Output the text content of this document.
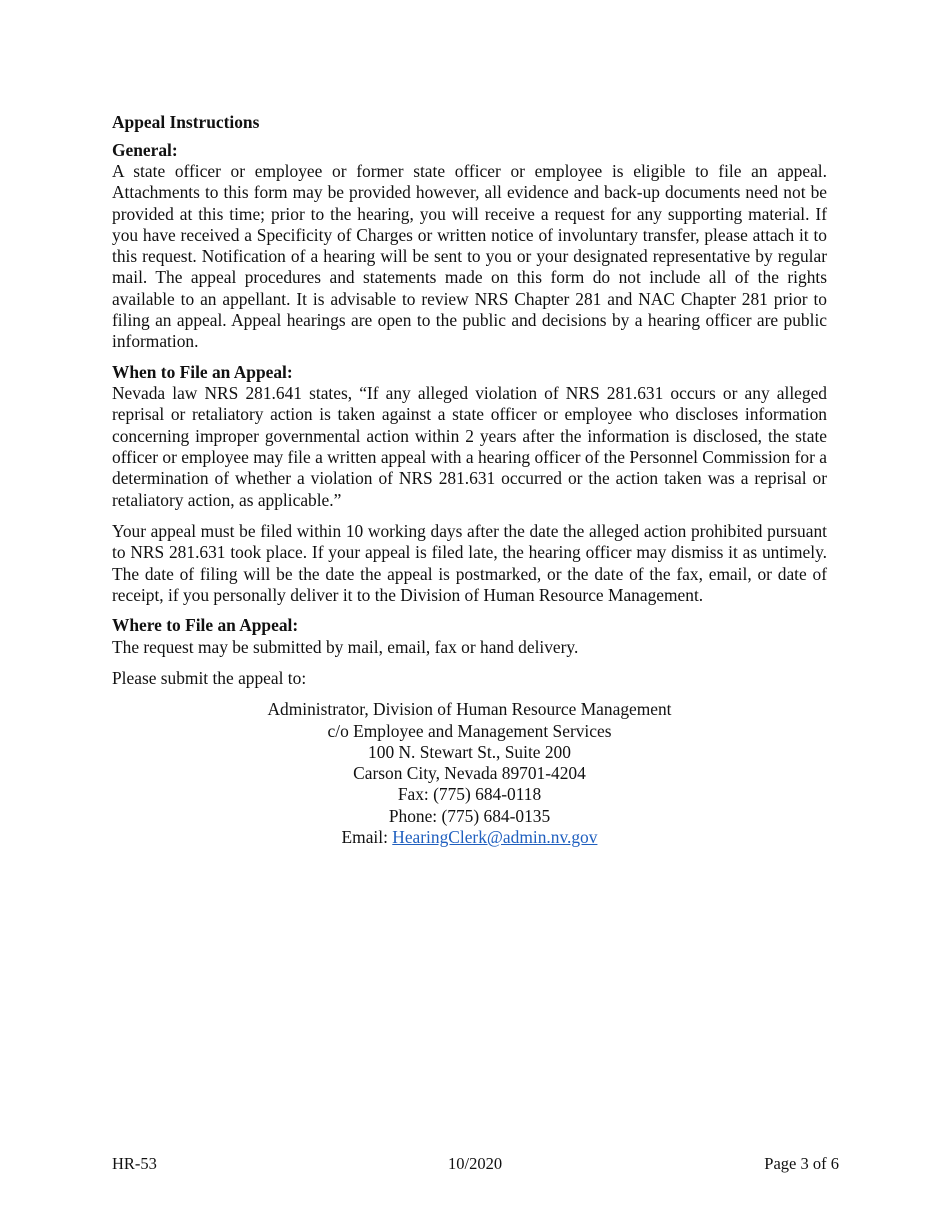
Appeal Instructions
General:

A state officer or employee or former state officer or employee is eligible to file an appeal. Attachments to this form may be provided however, all evidence and back-up documents need not be provided at this time; prior to the hearing, you will receive a request for any supporting material. If you have received a Specificity of Charges or written notice of involuntary transfer, please attach it to this request. Notification of a hearing will be sent to you or your designated representative by regular mail. The appeal procedures and statements made on this form do not include all of the rights available to an appellant. It is advisable to review NRS Chapter 281 and NAC Chapter 281 prior to filing an appeal. Appeal hearings are open to the public and decisions by a hearing officer are public information.

When to File an Appeal:

Nevada law NRS 281.641 states, “If any alleged violation of NRS 281.631 occurs or any alleged reprisal or retaliatory action is taken against a state officer or employee who discloses information concerning improper governmental action within 2 years after the information is disclosed, the state officer or employee may file a written appeal with a hearing officer of the Personnel Commission for a determination of whether a violation of NRS 281.631 occurred or the action taken was a reprisal or retaliatory action, as applicable.”

Your appeal must be filed within 10 working days after the date the alleged action prohibited pursuant to NRS 281.631 took place. If your appeal is filed late, the hearing officer may dismiss it as untimely. The date of filing will be the date the appeal is postmarked, or the date of the fax, email, or date of receipt, if you personally deliver it to the Division of Human Resource Management.

Where to File an Appeal:

The request may be submitted by mail, email, fax or hand delivery.

Please submit the appeal to:

Administrator, Division of Human Resource Management
c/o Employee and Management Services
100 N. Stewart St., Suite 200
Carson City, Nevada 89701-4204
Fax: (775) 684-0118
Phone: (775) 684-0135
Email: HearingClerk@admin.nv.gov
HR-53	10/2020	Page 3 of 6
